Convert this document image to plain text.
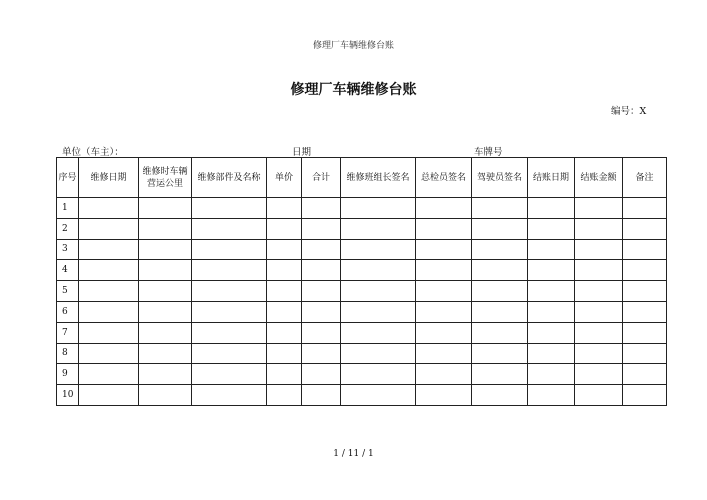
修理厂车辆维修台账
修理厂车辆维修台账
编号：X
单位（车主）：	日期	车牌号
序号	维修日期	维修时车辆营运公里	维修部件及名称	单价	合计	维修班组长签名	总检员签名	驾驶员签名	结账日期	结账金额	备注
1											
2											
3											
4											
5											
6											
7											
8											
9											
10											
1 / 11 / 1
